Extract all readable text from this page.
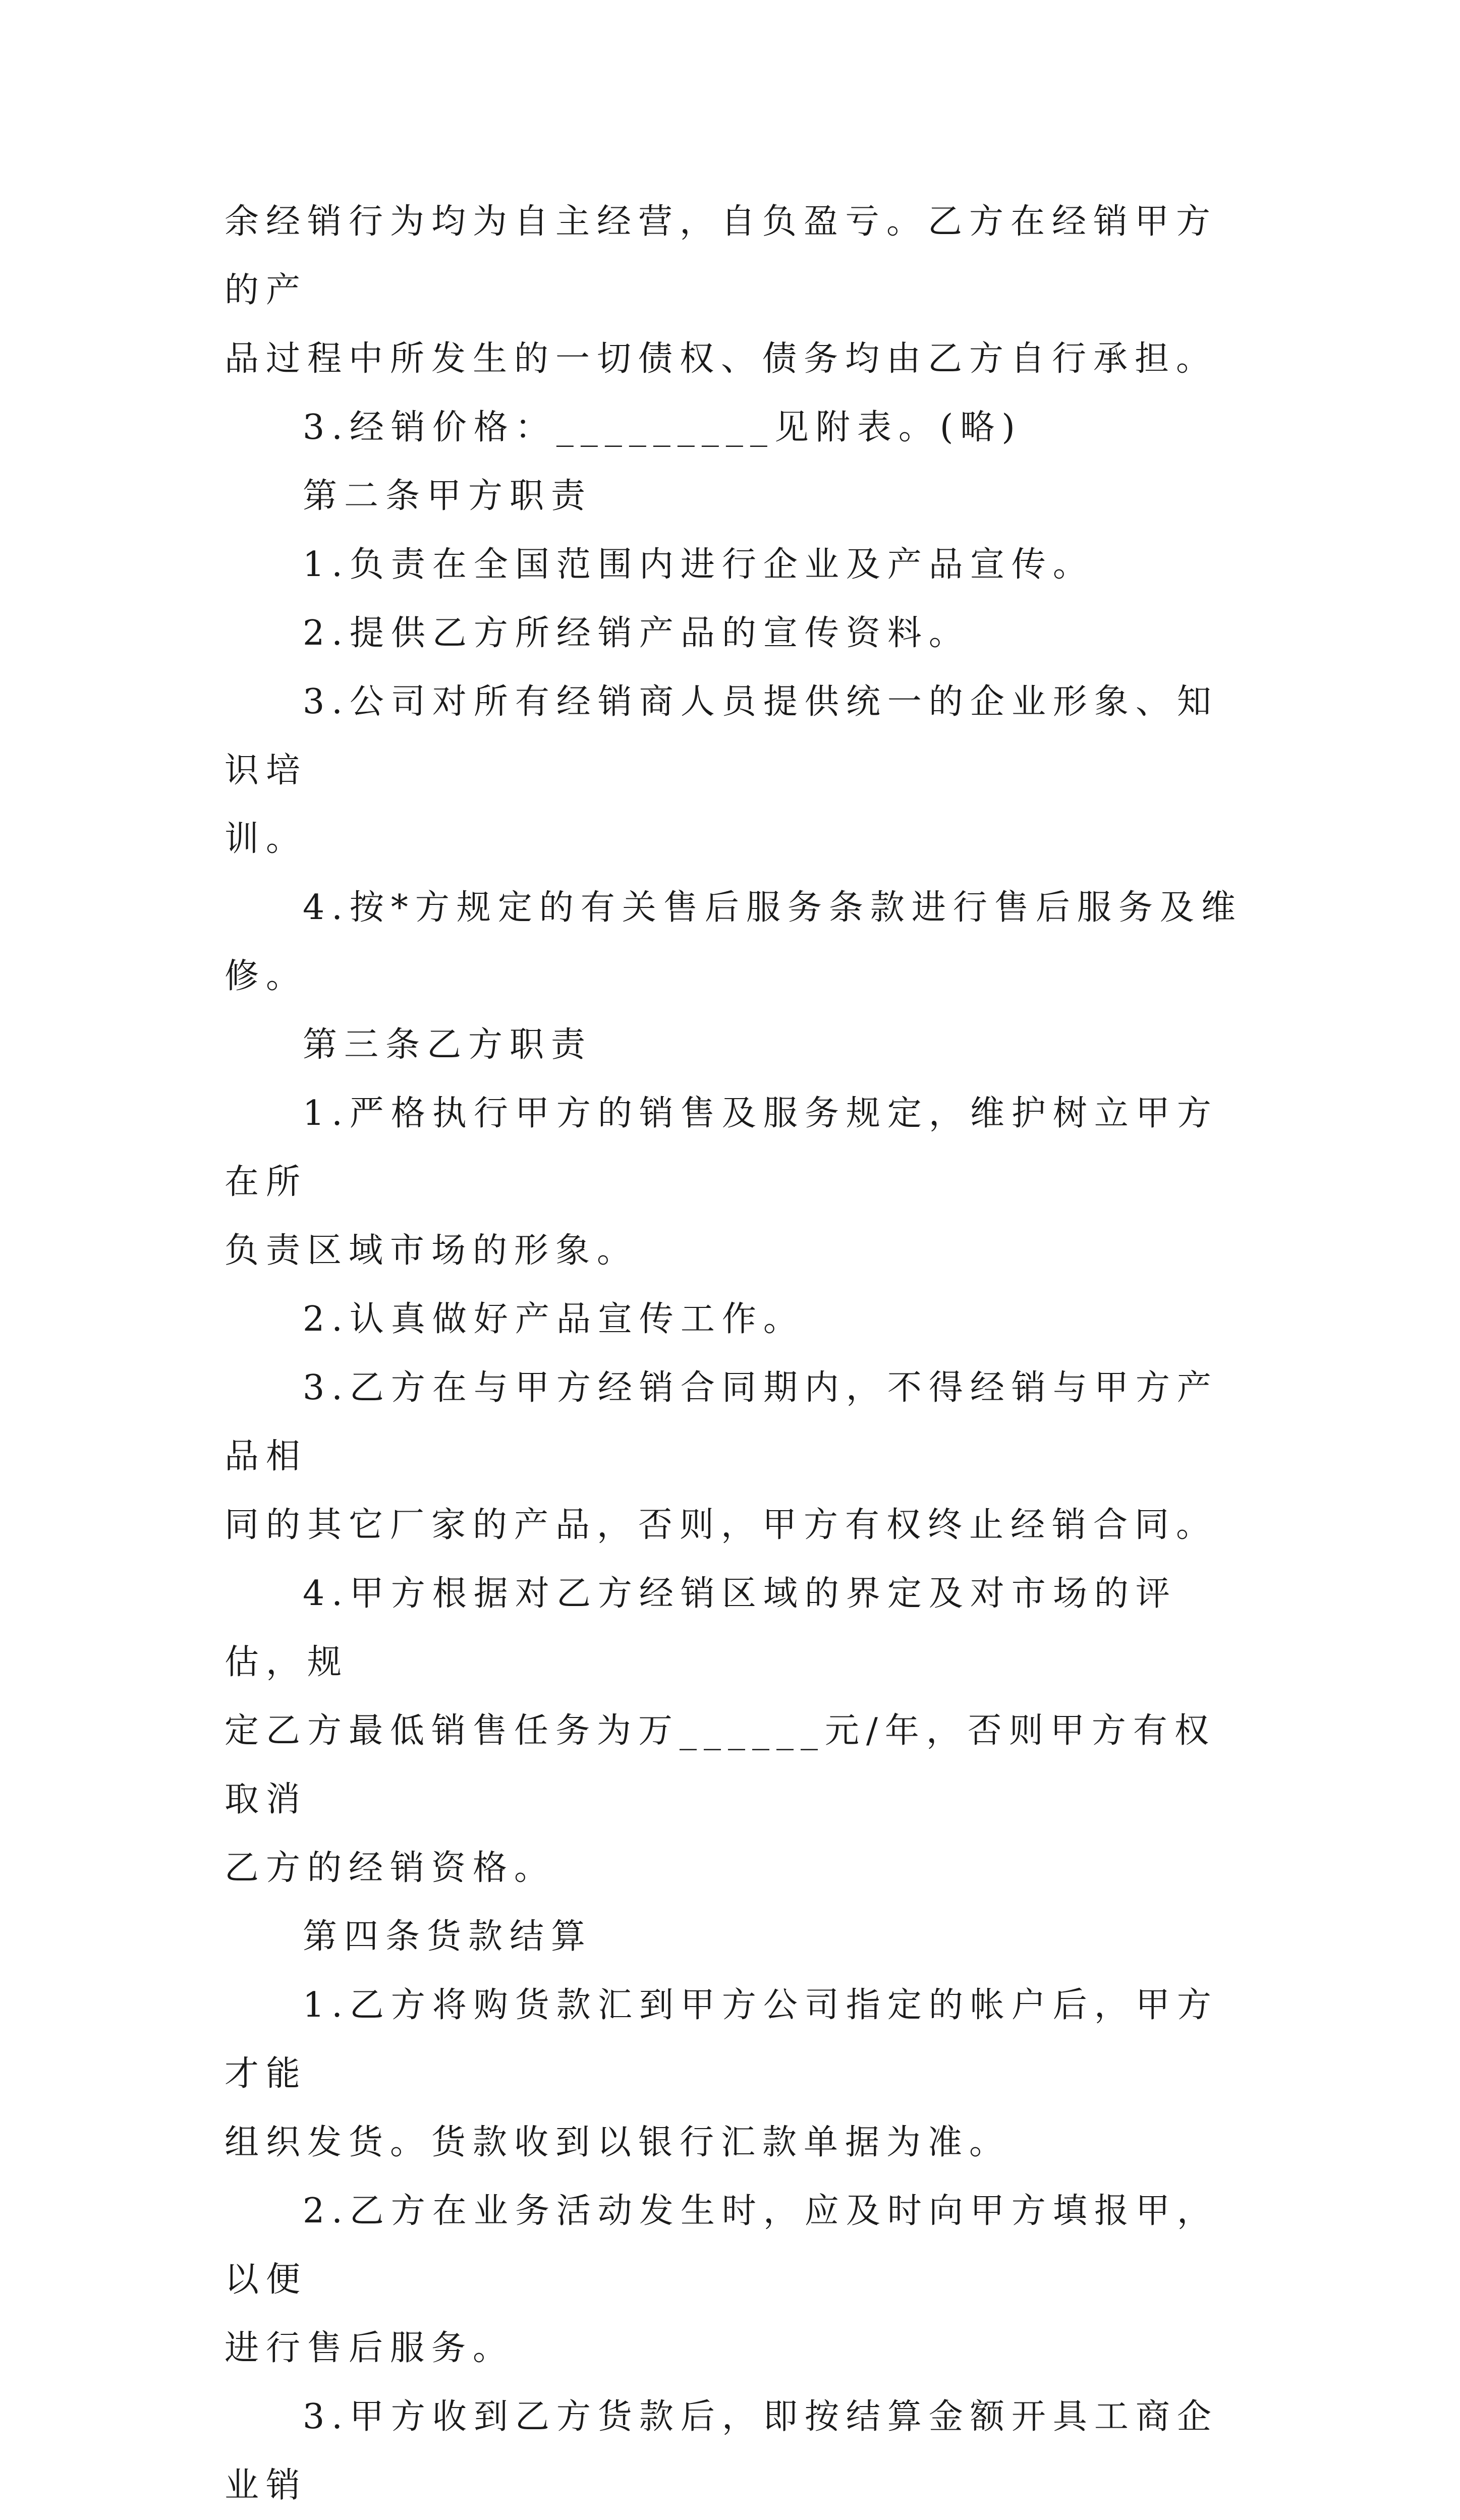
余经销行为均为自主经营，自负盈亏。乙方在经销甲方的产

品过程中所发生的一切债权、债务均由乙方自行承担。

3.经销价格：_________见附表。(略)

第二条甲方职责

1.负责在全国范围内进行企业及产品宣传。

2.提供乙方所经销产品的宣传资料。

3.公司对所有经销商人员提供统一的企业形象、知识培

训。

4.按*方规定的有关售后服务条款进行售后服务及维修。

第三条乙方职责

1.严格执行甲方的销售及服务规定，维护树立甲方在所

负责区域市场的形象。

2.认真做好产品宣传工作。

3.乙方在与甲方经销合同期内，不得经销与甲方产品相

同的其它厂家的产品，否则，甲方有权终止经销合同。

4.甲方根据对乙方经销区域的界定及对市场的评估，规

定乙方最低销售任务为万______元/年，否则甲方有权取消

乙方的经销资格。

第四条货款结算

1.乙方将购货款汇到甲方公司指定的帐户后，甲方才能

组织发货。货款收到以银行汇款单据为准。

2.乙方在业务活动发生时，应及时向甲方填报甲，以便

进行售后服务。

3.甲方收到乙方货款后，即按结算金额开具工商企业销
